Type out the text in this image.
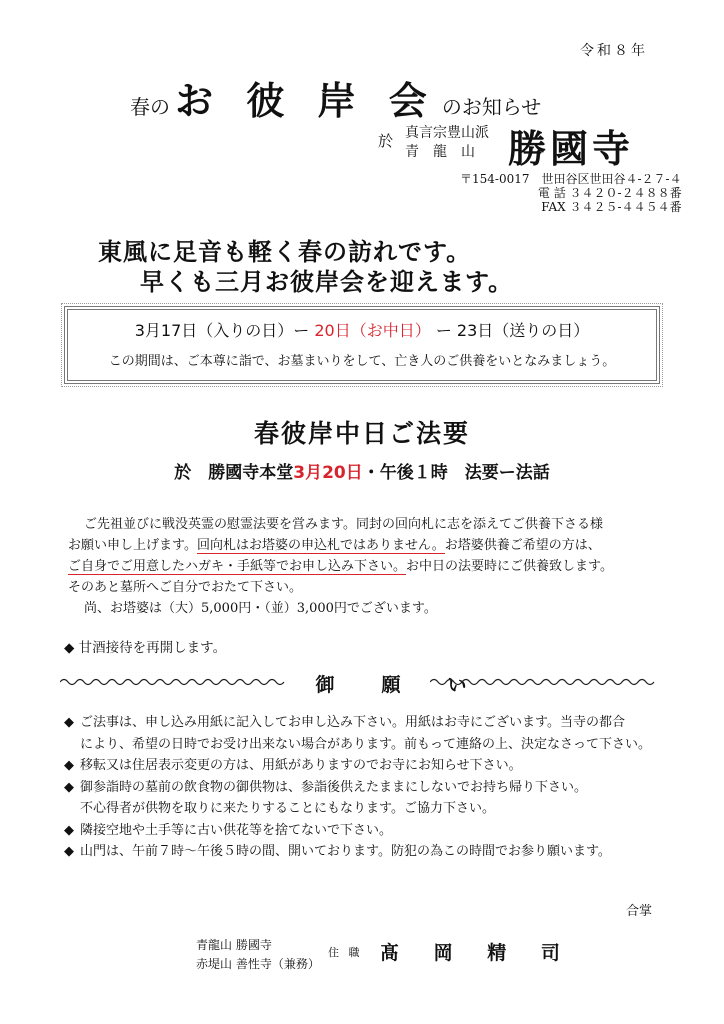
令和８年
春の お 彼 岸 会 のお知らせ
於 真言宗豊山派
青　龍　山 勝國寺
〒154-0017　世田谷区世田谷４-２７-４
電 話 ３４２０-２４８８番
FAX ３４２５-４４５４番
東風に足音も軽く春の訪れです。
早くも三月お彼岸会を迎えます。
3月17日（入りの日）ー 20日（お中日） ー 23日（送りの日）
この期間は、ご本尊に詣で、お墓まいりをして、亡き人のご供養をいとなみましょう。
春彼岸中日ご法要
於　勝國寺本堂3月20日・午後１時　法要ー法話
ご先祖並びに戦没英霊の慰霊法要を営みます。同封の回向札に志を添えてご供養下さる様
お願い申し上げます。回向札はお塔婆の申込札ではありません。お塔婆供養ご希望の方は、
ご自身でご用意したハガキ・手紙等でお申し込み下さい。お中日の法要時にご供養致します。
そのあと墓所へご自分でおたて下さい。
尚、お塔婆は（大）5,000円・（並）3,000円でございます。
◆ 甘酒接待を再開します。
御　願　い
◆ ご法事は、申し込み用紙に記入してお申し込み下さい。用紙はお寺にございます。当寺の都合
により、希望の日時でお受け出来ない場合があります。前もって連絡の上、決定なさって下さい。
◆ 移転又は住居表示変更の方は、用紙がありますのでお寺にお知らせ下さい。
◆ 御参詣時の墓前の飲食物の御供物は、参詣後供えたままにしないでお持ち帰り下さい。
不心得者が供物を取りに来たりすることにもなります。ご協力下さい。
◆ 隣接空地や土手等に古い供花等を捨てないで下さい。
◆ 山門は、午前７時～午後５時の間、開いております。防犯の為この時間でお参り願います。
合掌
青龍山 勝國寺
赤堤山 善性寺（兼務）
住 職 髙 岡 精 司
